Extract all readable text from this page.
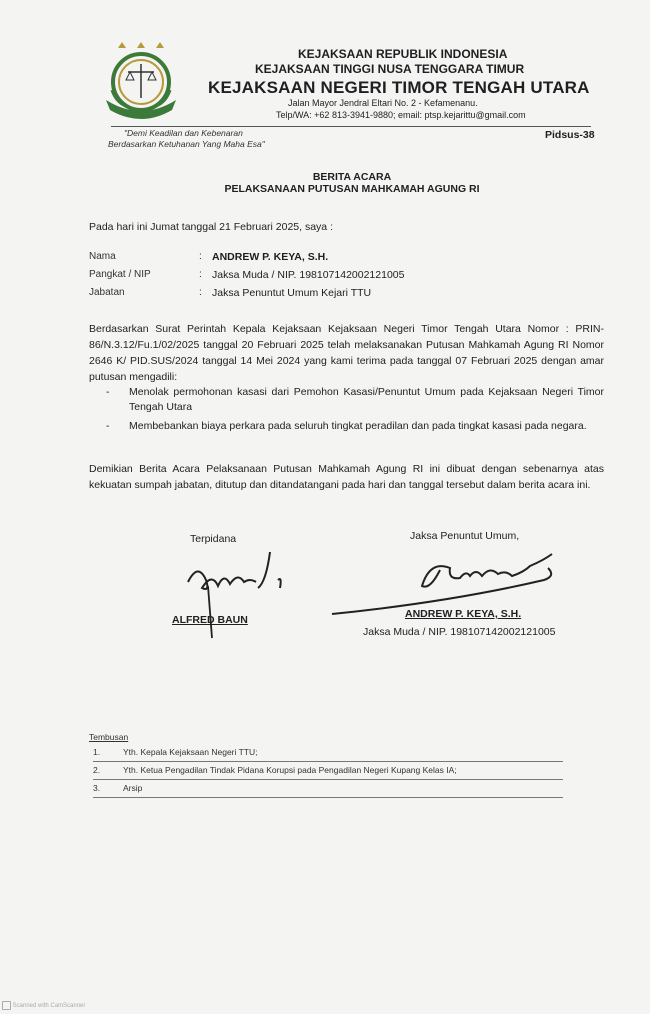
KEJAKSAAN REPUBLIK INDONESIA
KEJAKSAAN TINGGI NUSA TENGGARA TIMUR
KEJAKSAAN NEGERI TIMOR TENGAH UTARA
Jalan Mayor Jendral Eltari No. 2 - Kefamenanu.
Telp/WA: +62 813-3941-9880; email: ptsp.kejarittu@gmail.com
"Demi Keadilan dan Kebenaran
Berdasarkan Ketuhanan Yang Maha Esa"
Pidsus-38
BERITA ACARA
PELAKSANAAN PUTUSAN MAHKAMAH AGUNG RI
Pada hari ini Jumat tanggal 21 Februari 2025, saya :
Nama	: ANDREW P. KEYA, S.H.
Pangkat / NIP	: Jaksa Muda / NIP. 198107142002121005
Jabatan	: Jaksa Penuntut Umum Kejari TTU

Berdasarkan Surat Perintah Kepala Kejaksaan Kejaksaan Negeri Timor Tengah Utara Nomor : PRIN-86/N.3.12/Fu.1/02/2025 tanggal 20 Februari 2025 telah melaksanakan Putusan Mahkamah Agung RI Nomor 2646 K/ PID.SUS/2024 tanggal 14 Mei 2024 yang kami terima pada tanggal 07 Februari 2025 dengan amar putusan mengadili:

- Menolak permohonan kasasi dari Pemohon Kasasi/Penuntut Umum pada Kejaksaan Negeri Timor Tengah Utara
- Membebankan biaya perkara pada seluruh tingkat peradilan dan pada tingkat kasasi pada negara.

Demikian Berita Acara Pelaksanaan Putusan Mahkamah Agung RI ini dibuat dengan sebenarnya atas kekuatan sumpah jabatan, ditutup dan ditandatangani pada hari dan tanggal tersebut dalam berita acara ini.

Terpidana
ALFRED BAUN
Jaksa Penuntut Umum,
ANDREW P. KEYA, S.H.
Jaksa Muda / NIP. 198107142002121005
Tembusan
1.	Yth. Kepala Kejaksaan Negeri TTU;
2.	Yth. Ketua Pengadilan Tindak Pidana Korupsi pada Pengadilan Negeri Kupang Kelas IA;
3.	Arsip
Scanned with CamScanner
